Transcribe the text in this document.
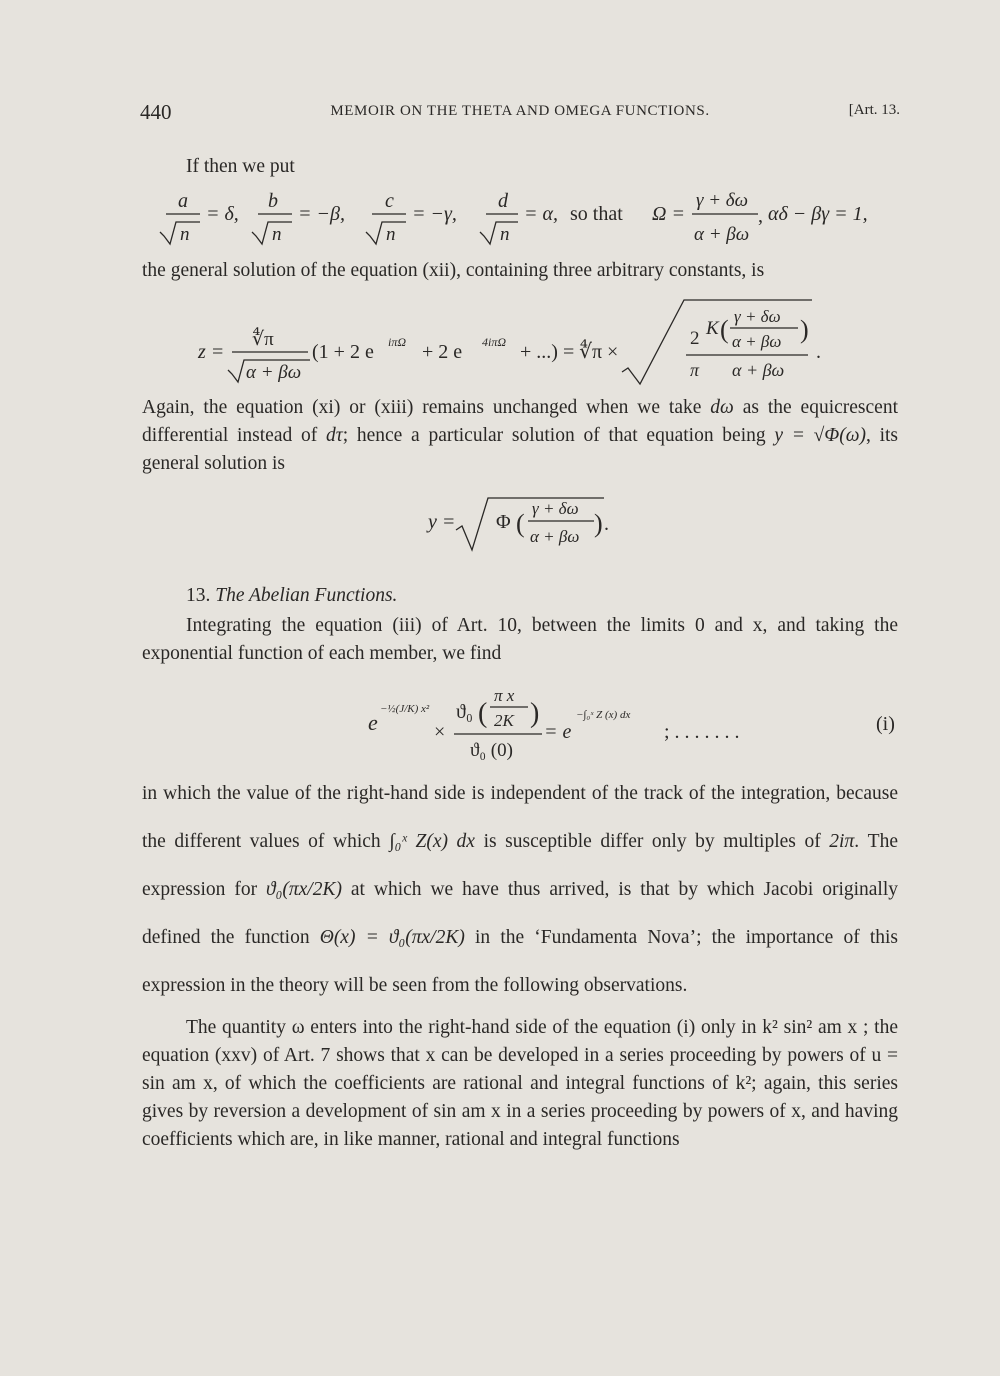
440	MEMOIR ON THE THETA AND OMEGA FUNCTIONS.	[Art. 13.
If then we put
a
n
= δ,
b
n
= −β,
c
n
= −γ,
d
n
= α, so that Ω =
γ + δω
α + βω
, αδ − βγ = 1,
the general solution of the equation (xii), containing three arbitrary constants, is
z =
∜π
α + βω
(1 + 2 e iπΩ + 2 e 4iπΩ + ...) = ∜π ×
2 K ( γ + δω
α + βω )
π α + βω
.
Again, the equation (xi) or (xiii) remains unchanged when we take dω as the equicrescent differential instead of dτ; hence a particular solution of that equation being y = √Φ(ω), its general solution is
y = Φ (
γ + δω
α + βω ) .
13. The Abelian Functions.
Integrating the equation (iii) of Art. 10, between the limits 0 and x, and taking the exponential function of each member, we find
e
−½(J/K) x²
×
ϑ₀ (
π x
2K )
ϑ₀ (0)
= e
−∫₀ˣ Z (x) dx
; . . . . . . .	(i)
in which the value of the right-hand side is independent of the track of the integration, because the different values of which ∫₀ˣ Z(x) dx is susceptible differ only by multiples of 2iπ. The expression for ϑ₀(πx/2K) at which we have thus arrived, is that by which Jacobi originally defined the function Θ(x) = ϑ₀(πx/2K) in the ‘Fundamenta Nova’; the importance of this expression in the theory will be seen from the following observations.
The quantity ω enters into the right-hand side of the equation (i) only in k² sin² am x ; the equation (xxv) of Art. 7 shows that x can be developed in a series proceeding by powers of u = sin am x, of which the coefficients are rational and integral functions of k²; again, this series gives by reversion a development of sin am x in a series proceeding by powers of x, and having coefficients which are, in like manner, rational and integral functions
